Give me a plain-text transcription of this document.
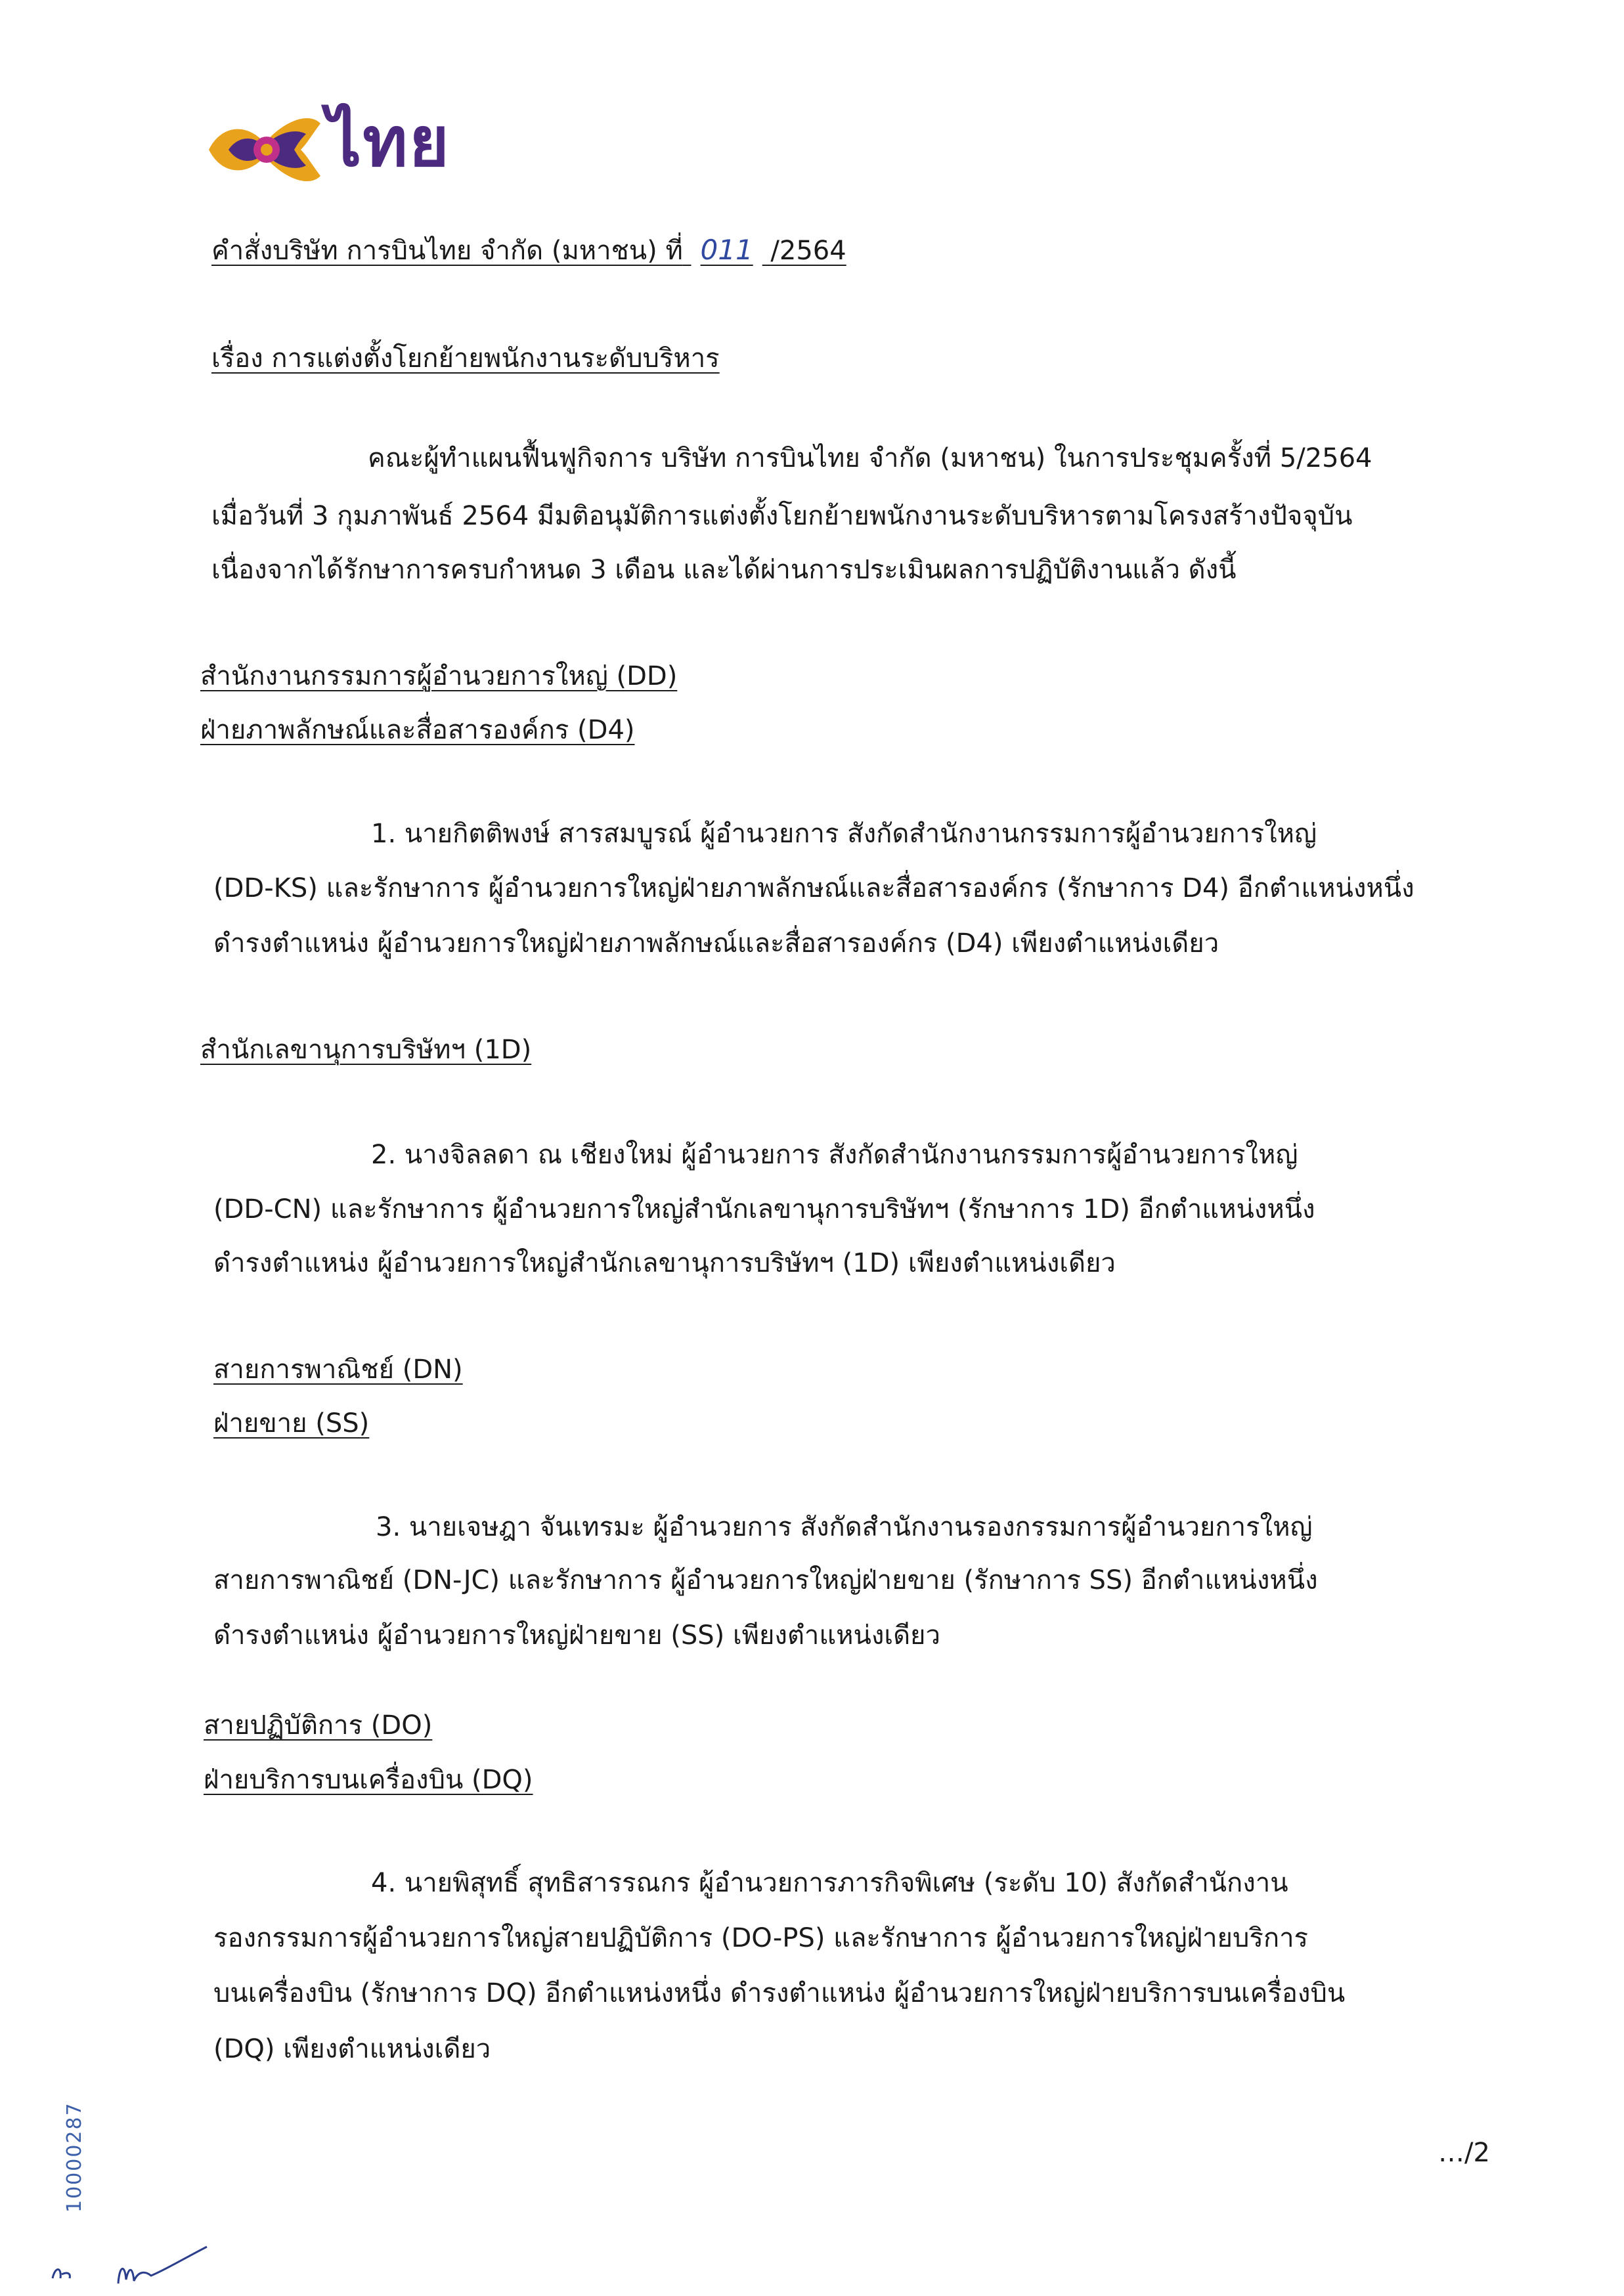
ไทย
คำสั่งบริษัท การบินไทย จำกัด (มหาชน) ที่ 011 /2564
เรื่อง การแต่งตั้งโยกย้ายพนักงานระดับบริหาร
คณะผู้ทำแผนฟื้นฟูกิจการ บริษัท การบินไทย จำกัด (มหาชน) ในการประชุมครั้งที่ 5/2564
เมื่อวันที่ 3 กุมภาพันธ์ 2564 มีมติอนุมัติการแต่งตั้งโยกย้ายพนักงานระดับบริหารตามโครงสร้างปัจจุบัน
เนื่องจากได้รักษาการครบกำหนด 3 เดือน และได้ผ่านการประเมินผลการปฏิบัติงานแล้ว ดังนี้
สำนักงานกรรมการผู้อำนวยการใหญ่ (DD)
ฝ่ายภาพลักษณ์และสื่อสารองค์กร (D4)
1. นายกิตติพงษ์ สารสมบูรณ์ ผู้อำนวยการ สังกัดสำนักงานกรรมการผู้อำนวยการใหญ่
(DD-KS) และรักษาการ ผู้อำนวยการใหญ่ฝ่ายภาพลักษณ์และสื่อสารองค์กร (รักษาการ D4) อีกตำแหน่งหนึ่ง
ดำรงตำแหน่ง ผู้อำนวยการใหญ่ฝ่ายภาพลักษณ์และสื่อสารองค์กร (D4) เพียงตำแหน่งเดียว
สำนักเลขานุการบริษัทฯ (1D)
2. นางจิลลดา ณ เชียงใหม่ ผู้อำนวยการ สังกัดสำนักงานกรรมการผู้อำนวยการใหญ่
(DD-CN) และรักษาการ ผู้อำนวยการใหญ่สำนักเลขานุการบริษัทฯ (รักษาการ 1D) อีกตำแหน่งหนึ่ง
ดำรงตำแหน่ง ผู้อำนวยการใหญ่สำนักเลขานุการบริษัทฯ (1D) เพียงตำแหน่งเดียว
สายการพาณิชย์ (DN)
ฝ่ายขาย (SS)
3. นายเจษฎา จันเทรมะ ผู้อำนวยการ สังกัดสำนักงานรองกรรมการผู้อำนวยการใหญ่
สายการพาณิชย์ (DN-JC) และรักษาการ ผู้อำนวยการใหญ่ฝ่ายขาย (รักษาการ SS) อีกตำแหน่งหนึ่ง
ดำรงตำแหน่ง ผู้อำนวยการใหญ่ฝ่ายขาย (SS) เพียงตำแหน่งเดียว
สายปฏิบัติการ (DO)
ฝ่ายบริการบนเครื่องบิน (DQ)
4. นายพิสุทธิ์ สุทธิสารรณกร ผู้อำนวยการภารกิจพิเศษ (ระดับ 10) สังกัดสำนักงาน
รองกรรมการผู้อำนวยการใหญ่สายปฏิบัติการ (DO-PS) และรักษาการ ผู้อำนวยการใหญ่ฝ่ายบริการ
บนเครื่องบิน (รักษาการ DQ) อีกตำแหน่งหนึ่ง ดำรงตำแหน่ง ผู้อำนวยการใหญ่ฝ่ายบริการบนเครื่องบิน
(DQ) เพียงตำแหน่งเดียว
…/2
10000287
